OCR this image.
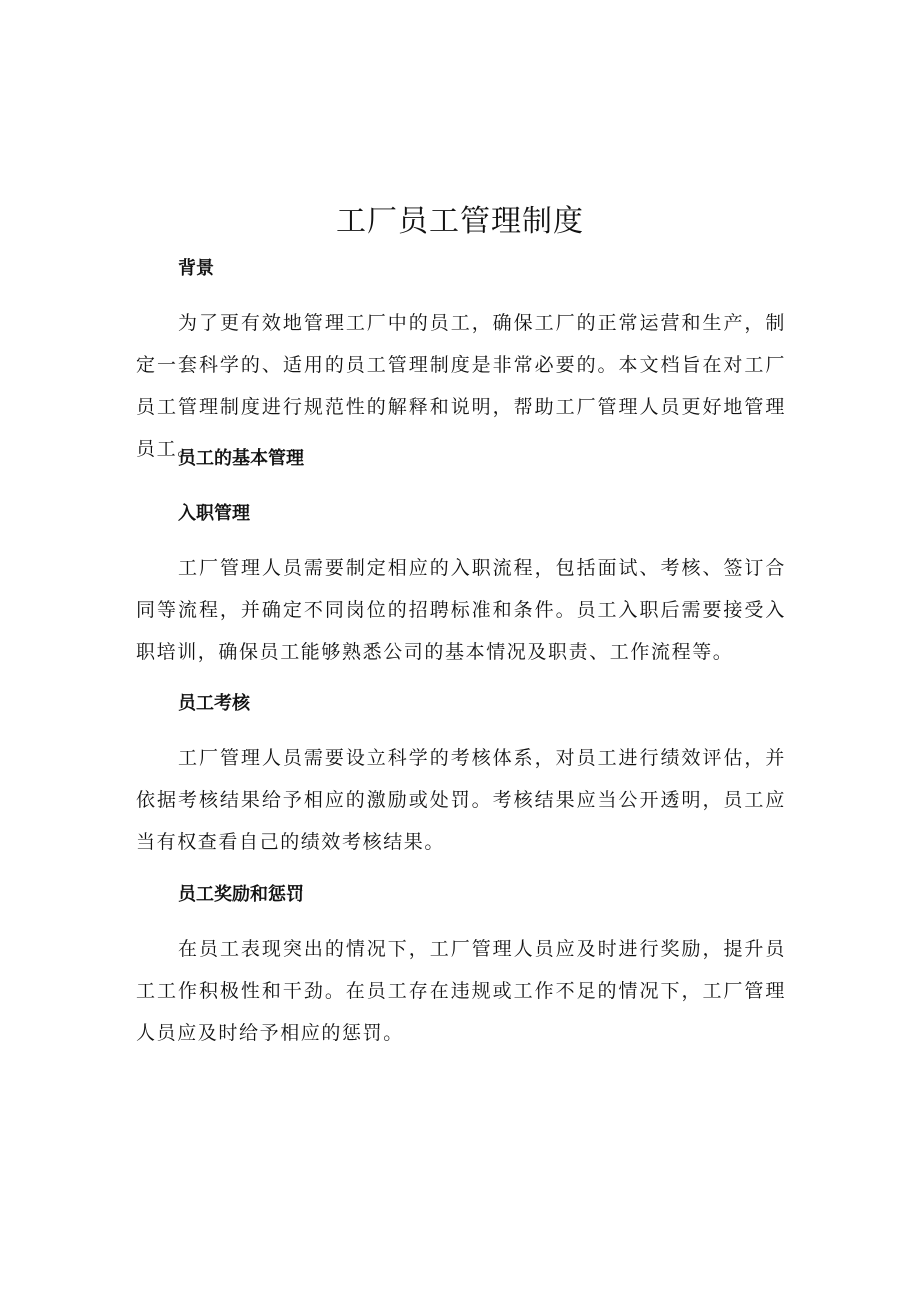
工厂员工管理制度
背景
为了更有效地管理工厂中的员工，确保工厂的正常运营和生产，制定一套科学的、适用的员工管理制度是非常必要的。本文档旨在对工厂员工管理制度进行规范性的解释和说明，帮助工厂管理人员更好地管理员工。
员工的基本管理
入职管理
工厂管理人员需要制定相应的入职流程，包括面试、考核、签订合同等流程，并确定不同岗位的招聘标准和条件。员工入职后需要接受入职培训，确保员工能够熟悉公司的基本情况及职责、工作流程等。
员工考核
工厂管理人员需要设立科学的考核体系，对员工进行绩效评估，并依据考核结果给予相应的激励或处罚。考核结果应当公开透明，员工应当有权查看自己的绩效考核结果。
员工奖励和惩罚
在员工表现突出的情况下，工厂管理人员应及时进行奖励，提升员工工作积极性和干劲。在员工存在违规或工作不足的情况下，工厂管理人员应及时给予相应的惩罚。
